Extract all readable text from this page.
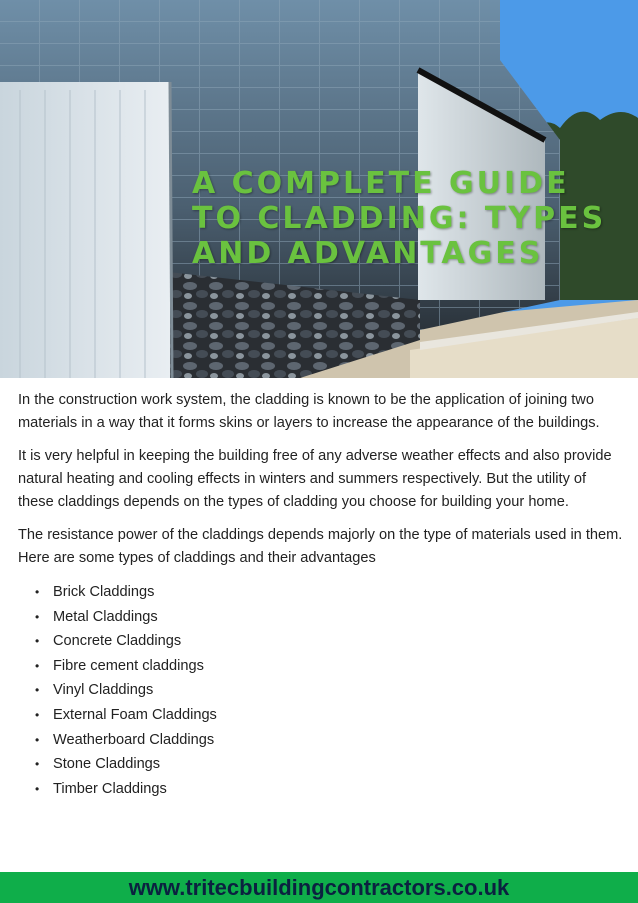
A COMPLETE GUIDE TO CLADDING: TYPES AND ADVANTAGES

In the construction work system, the cladding is known to be the application of joining two materials in a way that it forms skins or layers to increase the appearance of the buildings.

It is very helpful in keeping the building free of any adverse weather effects and also provide natural heating and cooling effects in winters and summers respectively. But the utility of these claddings depends on the types of cladding you choose for building your home.

The resistance power of the claddings depends majorly on the type of materials used in them. Here are some types of claddings and their advantages

• Brick Claddings
• Metal Claddings
• Concrete Claddings
• Fibre cement claddings
• Vinyl Claddings
• External Foam Claddings
• Weatherboard Claddings
• Stone Claddings
• Timber Claddings
www.tritecbuildingcontractors.co.uk
